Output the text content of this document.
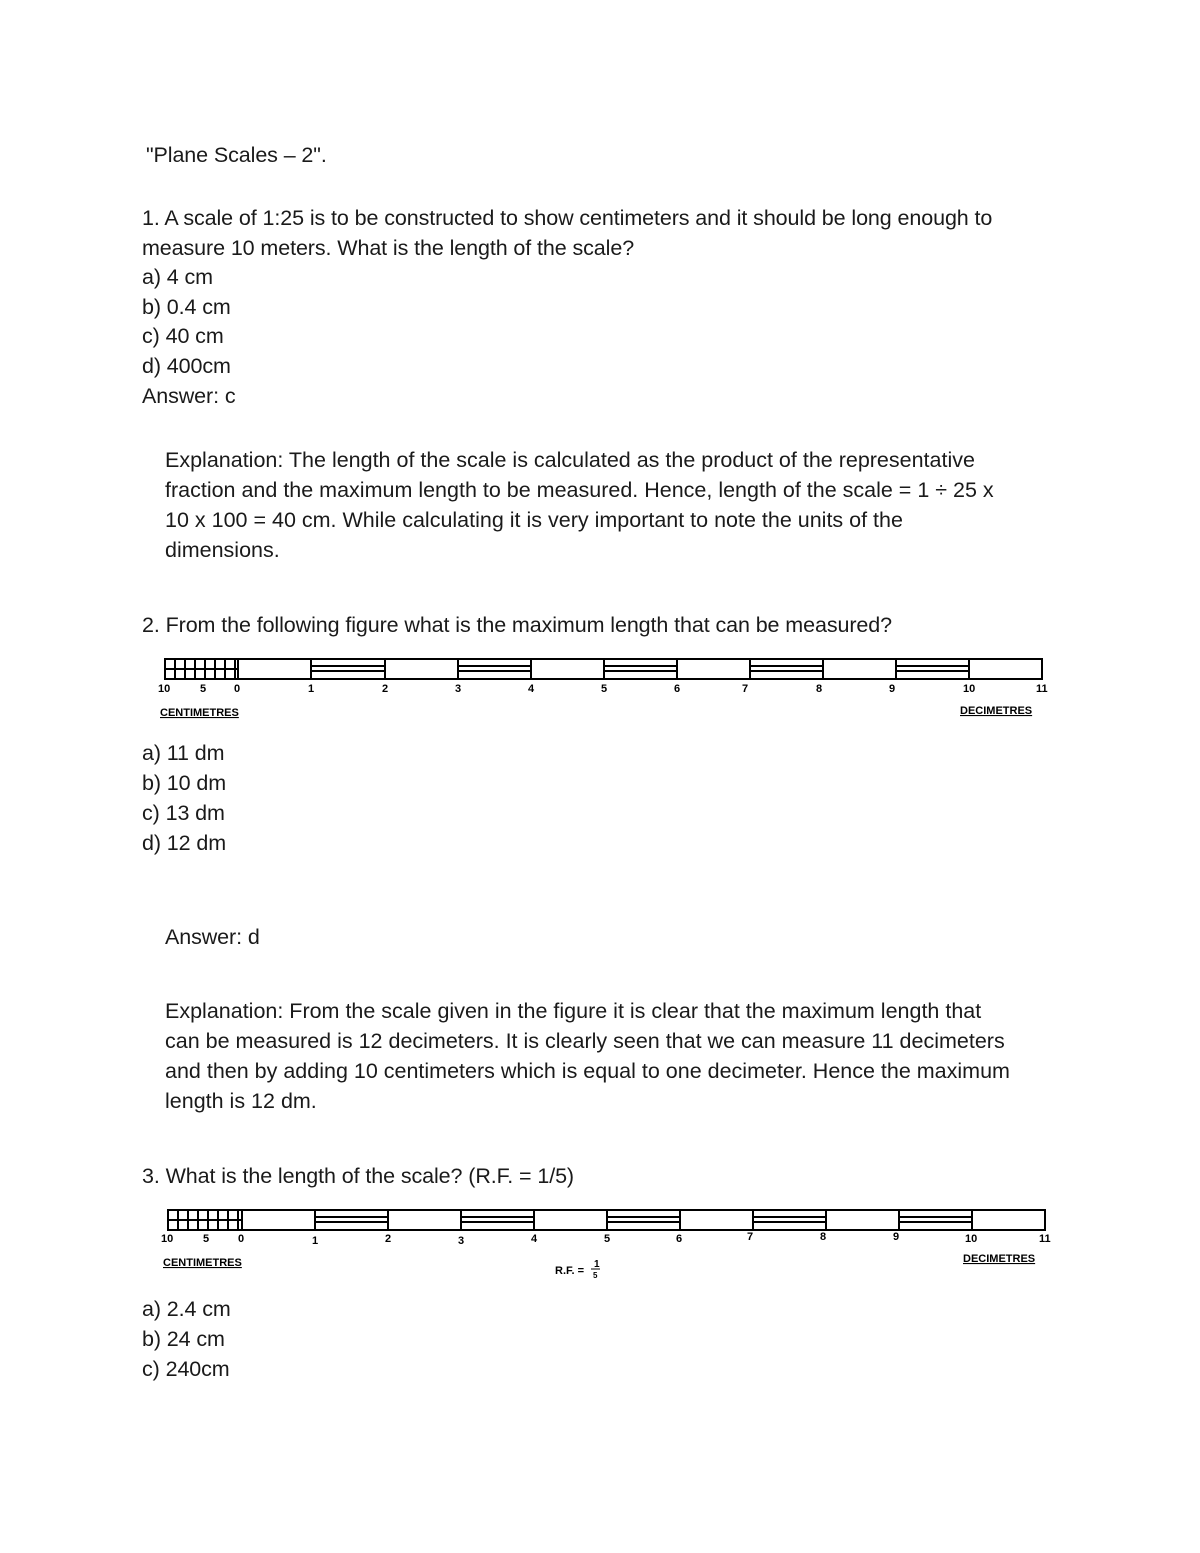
"Plane Scales – 2".
1. A scale of 1:25 is to be constructed to show centimeters and it should be long enough to
measure 10 meters. What is the length of the scale?
a) 4 cm
b) 0.4 cm
c) 40 cm
d) 400cm
Answer: c
Explanation: The length of the scale is calculated as the product of the representative
fraction and the maximum length to be measured. Hence, length of the scale = 1 ÷ 25 x
10 x 100 = 40 cm. While calculating it is very important to note the units of the
dimensions.
2. From the following figure what is the maximum length that can be measured?
10	5	0	1	2	3	4	5	6	7	8	9	10	11
CENTIMETRES	DECIMETRES
a) 11 dm
b) 10 dm
c) 13 dm
d) 12 dm
Answer: d
Explanation: From the scale given in the figure it is clear that the maximum length that
can be measured is 12 decimeters. It is clearly seen that we can measure 11 decimeters
and then by adding 10 centimeters which is equal to one decimeter. Hence the maximum
length is 12 dm.
3. What is the length of the scale? (R.F. = 1/5)
10	5	0	1	2	3	4	5	6	7	8	9	10	11
CENTIMETRES	DECIMETRES
R.F. =
1
5
a) 2.4 cm
b) 24 cm
c) 240cm
